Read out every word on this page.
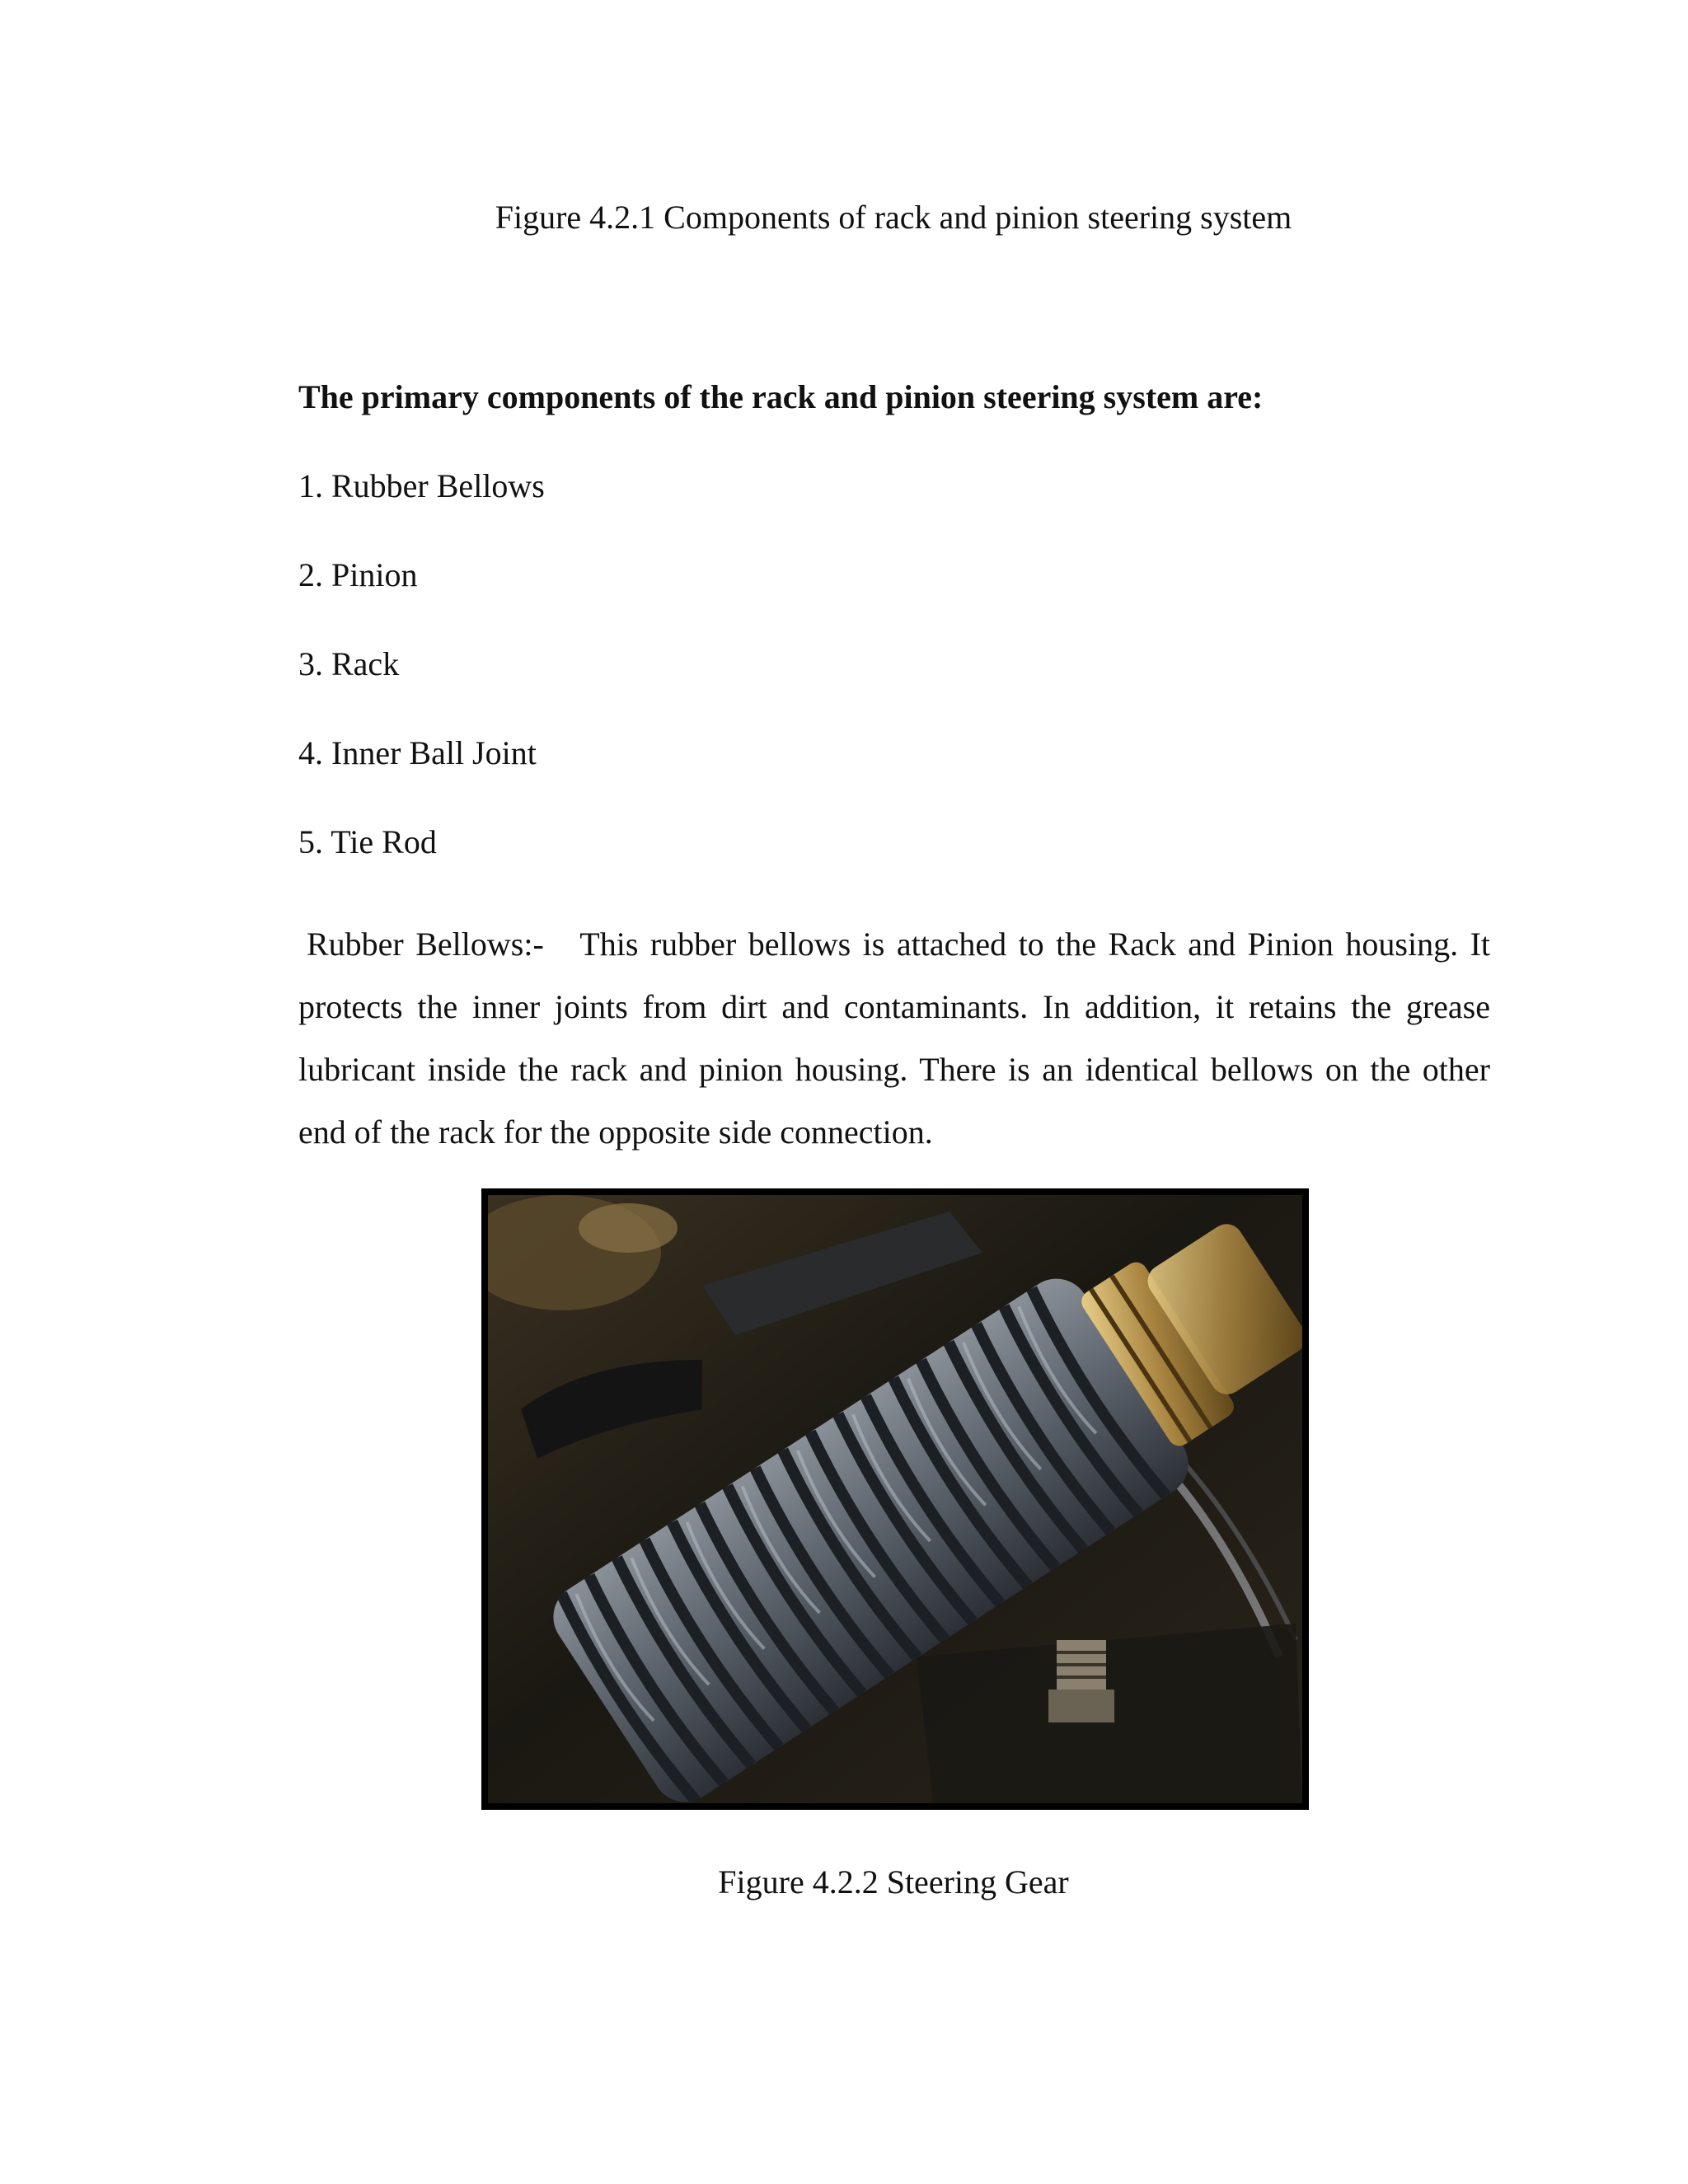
Figure 4.2.1 Components of rack and pinion steering system
The primary components of the rack and pinion steering system are:
1. Rubber Bellows
2. Pinion
3. Rack
4. Inner Ball Joint
5. Tie Rod

Rubber Bellows:- This rubber bellows is attached to the Rack and Pinion housing. It protects the inner joints from dirt and contaminants. In addition, it retains the grease lubricant inside the rack and pinion housing. There is an identical bellows on the other end of the rack for the opposite side connection.

Figure 4.2.2 Steering Gear
